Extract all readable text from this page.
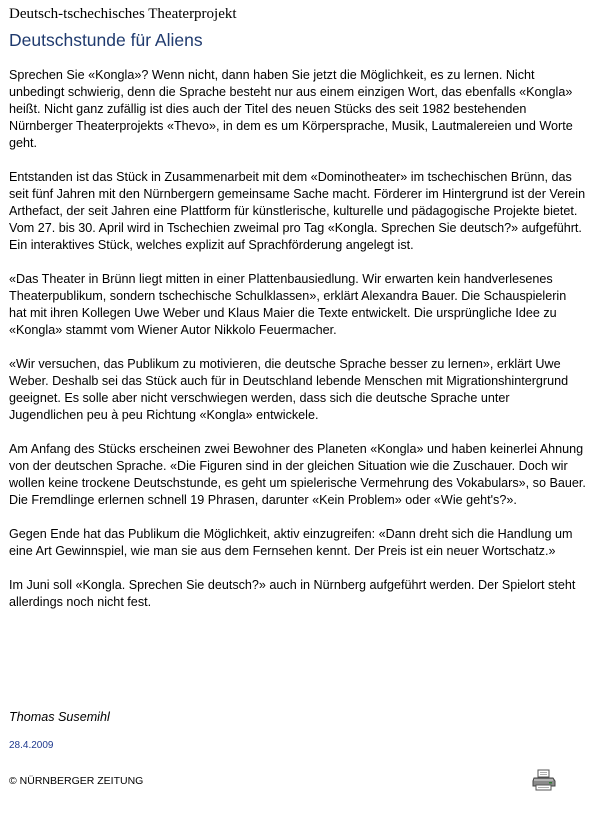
Deutsch-tschechisches Theaterprojekt
Deutschstunde für Aliens

Sprechen Sie «Kongla»? Wenn nicht, dann haben Sie jetzt die Möglichkeit, es zu lernen. Nicht unbedingt schwierig, denn die Sprache besteht nur aus einem einzigen Wort, das ebenfalls «Kongla» heißt. Nicht ganz zufällig ist dies auch der Titel des neuen Stücks des seit 1982 bestehenden Nürnberger Theaterprojekts «Thevo», in dem es um Körpersprache, Musik, Lautmalereien und Worte geht.

Entstanden ist das Stück in Zusammenarbeit mit dem «Dominotheater» im tschechischen Brünn, das seit fünf Jahren mit den Nürnbergern gemeinsame Sache macht. Förderer im Hintergrund ist der Verein Arthefact, der seit Jahren eine Plattform für künstlerische, kulturelle und pädagogische Projekte bietet. Vom 27. bis 30. April wird in Tschechien zweimal pro Tag «Kongla. Sprechen Sie deutsch?» aufgeführt. Ein interaktives Stück, welches explizit auf Sprachförderung angelegt ist.

«Das Theater in Brünn liegt mitten in einer Plattenbausiedlung. Wir erwarten kein handverlesenes Theaterpublikum, sondern tschechische Schulklassen», erklärt Alexandra Bauer. Die Schauspielerin hat mit ihren Kollegen Uwe Weber und Klaus Maier die Texte entwickelt. Die ursprüngliche Idee zu «Kongla» stammt vom Wiener Autor Nikkolo Feuermacher.

«Wir versuchen, das Publikum zu motivieren, die deutsche Sprache besser zu lernen», erklärt Uwe Weber. Deshalb sei das Stück auch für in Deutschland lebende Menschen mit Migrationshintergrund geeignet. Es solle aber nicht verschwiegen werden, dass sich die deutsche Sprache unter Jugendlichen peu à peu Richtung «Kongla» entwickele.

Am Anfang des Stücks erscheinen zwei Bewohner des Planeten «Kongla» und haben keinerlei Ahnung von der deutschen Sprache. «Die Figuren sind in der gleichen Situation wie die Zuschauer. Doch wir wollen keine trockene Deutschstunde, es geht um spielerische Vermehrung des Vokabulars», so Bauer. Die Fremdlinge erlernen schnell 19 Phrasen, darunter «Kein Problem» oder «Wie geht's?».

Gegen Ende hat das Publikum die Möglichkeit, aktiv einzugreifen: «Dann dreht sich die Handlung um eine Art Gewinnspiel, wie man sie aus dem Fernsehen kennt. Der Preis ist ein neuer Wortschatz.»

Im Juni soll «Kongla. Sprechen Sie deutsch?» auch in Nürnberg aufgeführt werden. Der Spielort steht allerdings noch nicht fest.

Thomas Susemihl
28.4.2009
© NÜRNBERGER ZEITUNG
